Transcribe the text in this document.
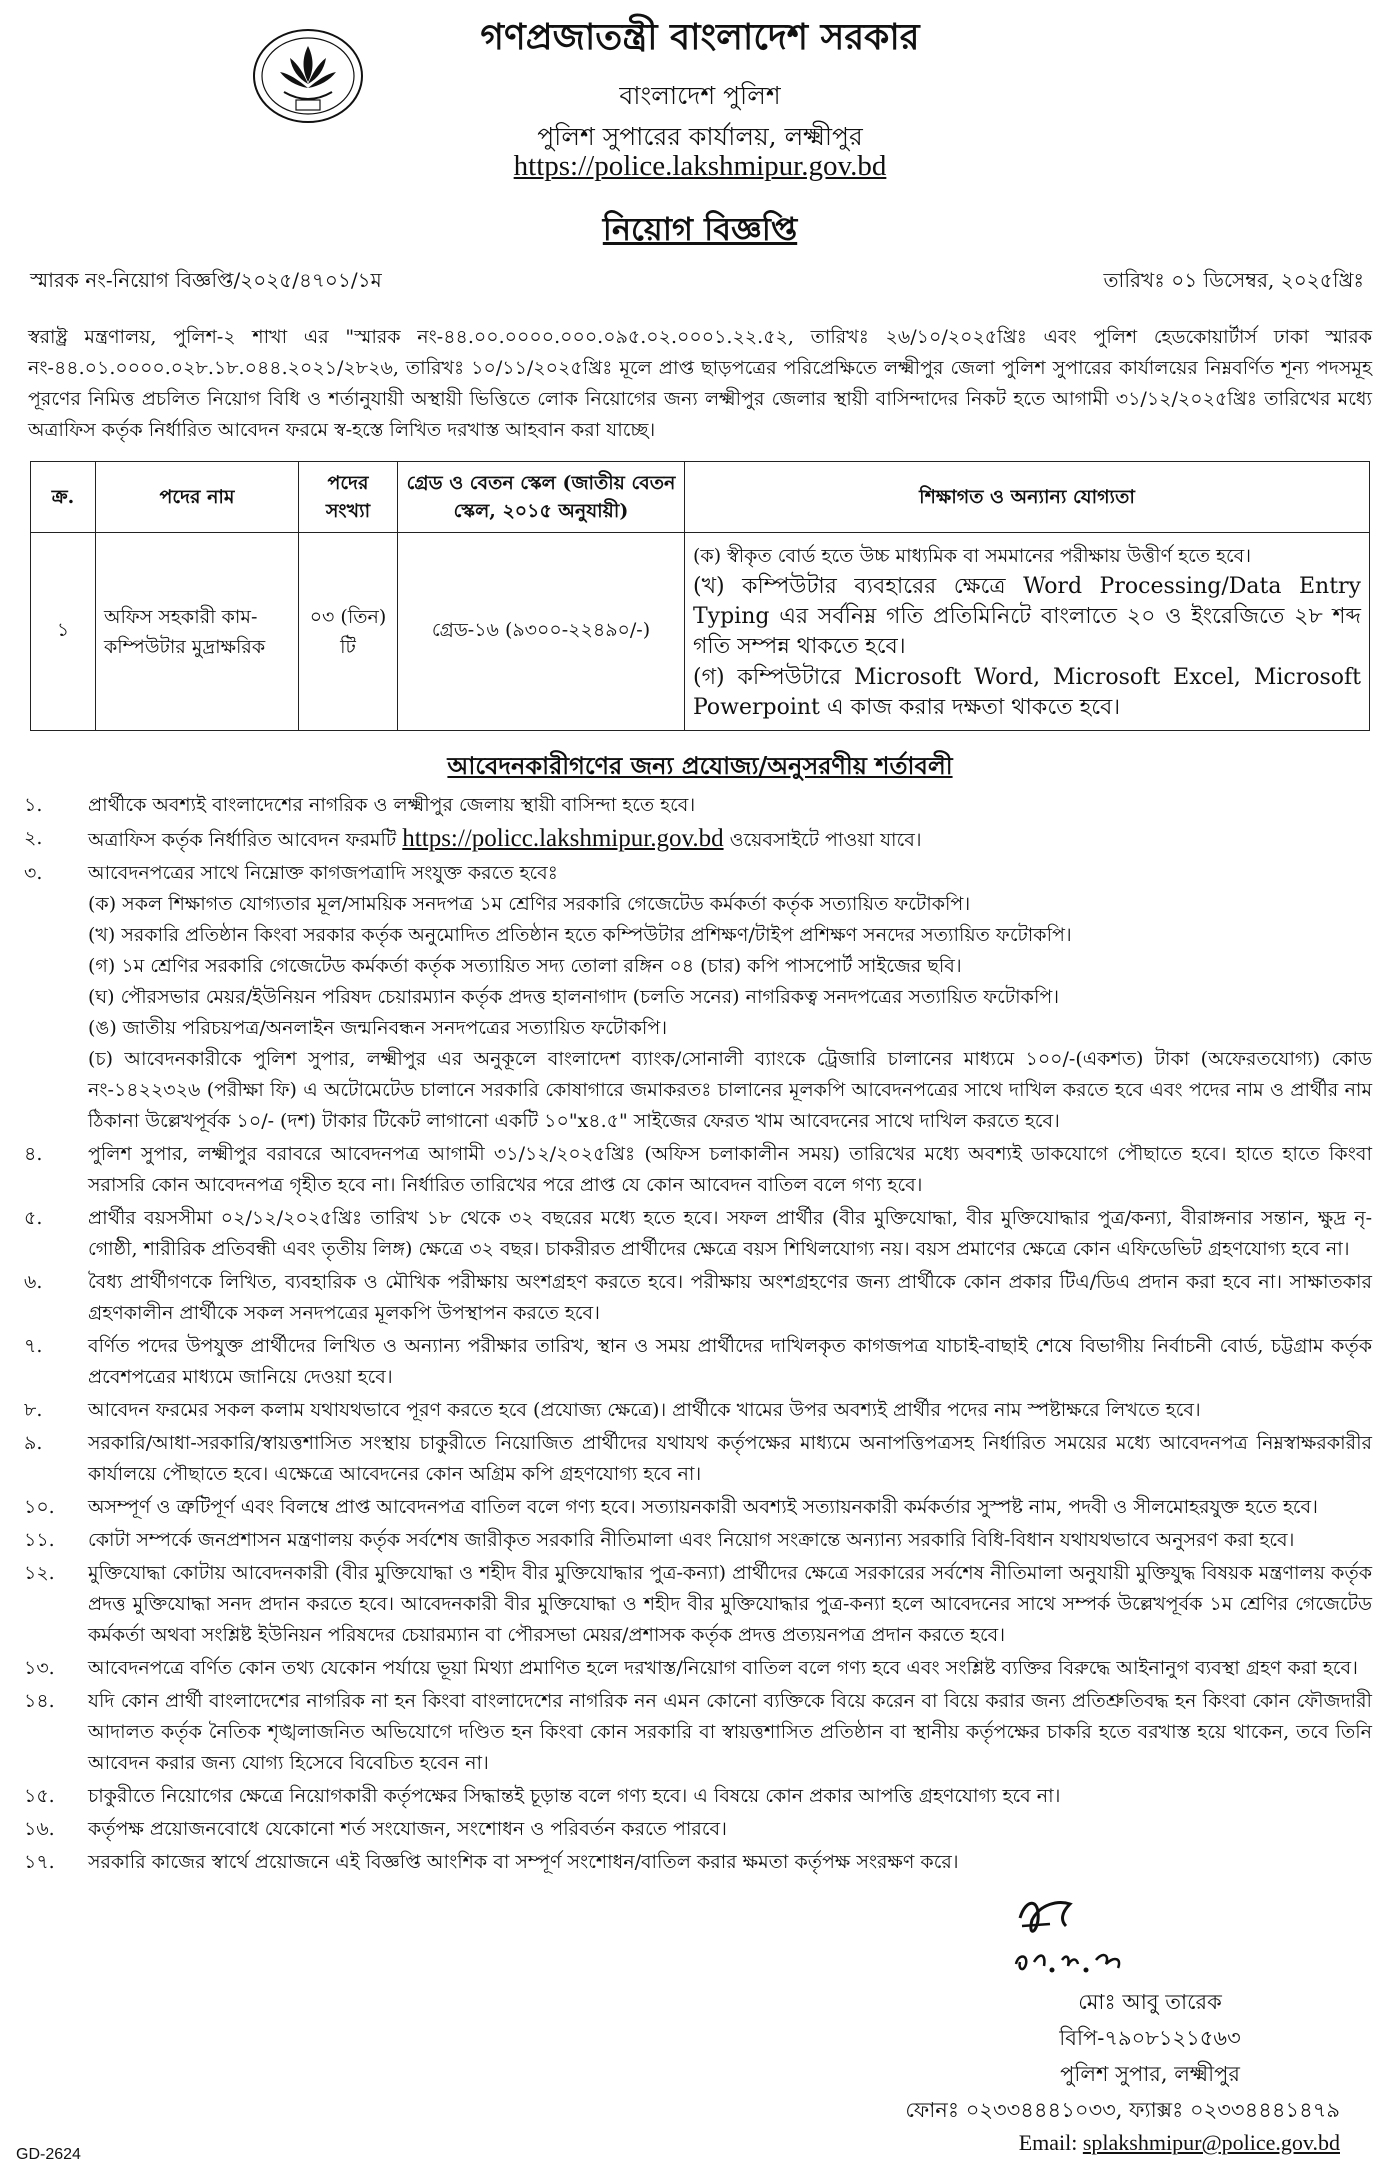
গণপ্রজাতন্ত্রী বাংলাদেশ সরকার
বাংলাদেশ পুলিশ
পুলিশ সুপারের কার্যালয়, লক্ষ্মীপুর
https://police.lakshmipur.gov.bd
নিয়োগ বিজ্ঞপ্তি
স্মারক নং-নিয়োগ বিজ্ঞপ্তি/২০২৫/৪৭০১/১ম	তারিখঃ ০১ ডিসেম্বর, ২০২৫খ্রিঃ
স্বরাষ্ট্র মন্ত্রণালয়, পুলিশ-২ শাখা এর "স্মারক নং-৪৪.০০.০০০০.০০০.০৯৫.০২.০০০১.২২.৫২, তারিখঃ ২৬/১০/২০২৫খ্রিঃ এবং পুলিশ হেডকোয়ার্টার্স ঢাকা স্মারক নং-৪৪.০১.০০০০.০২৮.১৮.০৪৪.২০২১/২৮২৬, তারিখঃ ১০/১১/২০২৫খ্রিঃ মূলে প্রাপ্ত ছাড়পত্রের পরিপ্রেক্ষিতে লক্ষ্মীপুর জেলা পুলিশ সুপারের কার্যালয়ের নিম্নবর্ণিত শূন্য পদসমূহ পূরণের নিমিত্ত প্রচলিত নিয়োগ বিধি ও শর্তানুযায়ী অস্থায়ী ভিত্তিতে লোক নিয়োগের জন্য লক্ষ্মীপুর জেলার স্থায়ী বাসিন্দাদের নিকট হতে আগামী ৩১/১২/২০২৫খ্রিঃ তারিখের মধ্যে অত্রাফিস কর্তৃক নির্ধারিত আবেদন ফরমে স্ব-হস্তে লিখিত দরখাস্ত আহবান করা যাচ্ছে।
ক্র.	পদের নাম	পদের সংখ্যা	গ্রেড ও বেতন স্কেল (জাতীয় বেতন স্কেল, ২০১৫ অনুযায়ী)	শিক্ষাগত ও অন্যান্য যোগ্যতা
১	অফিস সহকারী কাম-কম্পিউটার মুদ্রাক্ষরিক	০৩ (তিন) টি	গ্রেড-১৬ (৯৩০০-২২৪৯০/-)	(ক) স্বীকৃত বোর্ড হতে উচ্চ মাধ্যমিক বা সমমানের পরীক্ষায় উত্তীর্ণ হতে হবে।
(খ) কম্পিউটার ব্যবহারের ক্ষেত্রে Word Processing/Data Entry Typing এর সর্বনিম্ন গতি প্রতিমিনিটে বাংলাতে ২০ ও ইংরেজিতে ২৮ শব্দ গতি সম্পন্ন থাকতে হবে।
(গ) কম্পিউটারে Microsoft Word, Microsoft Excel, Microsoft Powerpoint এ কাজ করার দক্ষতা থাকতে হবে।
আবেদনকারীগণের জন্য প্রযোজ্য/অনুসরণীয় শর্তাবলী
১.	প্রার্থীকে অবশ্যই বাংলাদেশের নাগরিক ও লক্ষ্মীপুর জেলায় স্থায়ী বাসিন্দা হতে হবে।
২.	অত্রাফিস কর্তৃক নির্ধারিত আবেদন ফরমটি https://policc.lakshmipur.gov.bd ওয়েবসাইটে পাওয়া যাবে।
৩.	আবেদনপত্রের সাথে নিম্নোক্ত কাগজপত্রাদি সংযুক্ত করতে হবেঃ
(ক) সকল শিক্ষাগত যোগ্যতার মূল/সাময়িক সনদপত্র ১ম শ্রেণির সরকারি গেজেটেড কর্মকর্তা কর্তৃক সত্যায়িত ফটোকপি।
(খ) সরকারি প্রতিষ্ঠান কিংবা সরকার কর্তৃক অনুমোদিত প্রতিষ্ঠান হতে কম্পিউটার প্রশিক্ষণ/টাইপ প্রশিক্ষণ সনদের সত্যায়িত ফটোকপি।
(গ) ১ম শ্রেণির সরকারি গেজেটেড কর্মকর্তা কর্তৃক সত্যায়িত সদ্য তোলা রঙ্গিন ০৪ (চার) কপি পাসপোর্ট সাইজের ছবি।
(ঘ) পৌরসভার মেয়র/ইউনিয়ন পরিষদ চেয়ারম্যান কর্তৃক প্রদত্ত হালনাগাদ (চলতি সনের) নাগরিকত্ব সনদপত্রের সত্যায়িত ফটোকপি।
(ঙ) জাতীয় পরিচয়পত্র/অনলাইন জন্মনিবন্ধন সনদপত্রের সত্যায়িত ফটোকপি।
(চ) আবেদনকারীকে পুলিশ সুপার, লক্ষ্মীপুর এর অনুকূলে বাংলাদেশ ব্যাংক/সোনালী ব্যাংকে ট্রেজারি চালানের মাধ্যমে ১০০/-(একশত) টাকা (অফেরতযোগ্য) কোড নং-১৪২২৩২৬ (পরীক্ষা ফি) এ অটোমেটেড চালানে সরকারি কোষাগারে জমাকরতঃ চালানের মূলকপি আবেদনপত্রের সাথে দাখিল করতে হবে এবং পদের নাম ও প্রার্থীর নাম ঠিকানা উল্লেখপূর্বক ১০/- (দশ) টাকার টিকেট লাগানো একটি ১০"x৪.৫" সাইজের ফেরত খাম আবেদনের সাথে দাখিল করতে হবে।
৪.	পুলিশ সুপার, লক্ষ্মীপুর বরাবরে আবেদনপত্র আগামী ৩১/১২/২০২৫খ্রিঃ (অফিস চলাকালীন সময়) তারিখের মধ্যে অবশ্যই ডাকযোগে পৌছাতে হবে। হাতে হাতে কিংবা সরাসরি কোন আবেদনপত্র গৃহীত হবে না। নির্ধারিত তারিখের পরে প্রাপ্ত যে কোন আবেদন বাতিল বলে গণ্য হবে।
৫.	প্রার্থীর বয়সসীমা ০২/১২/২০২৫খ্রিঃ তারিখ ১৮ থেকে ৩২ বছরের মধ্যে হতে হবে। সফল প্রার্থীর (বীর মুক্তিযোদ্ধা, বীর মুক্তিযোদ্ধার পুত্র/কন্যা, বীরাঙ্গনার সন্তান, ক্ষুদ্র নৃ-গোষ্ঠী, শারীরিক প্রতিবন্ধী এবং তৃতীয় লিঙ্গ) ক্ষেত্রে ৩২ বছর। চাকরীরত প্রার্থীদের ক্ষেত্রে বয়স শিথিলযোগ্য নয়। বয়স প্রমাণের ক্ষেত্রে কোন এফিডেভিট গ্রহণযোগ্য হবে না।
৬.	বৈধ্য প্রার্থীগণকে লিখিত, ব্যবহারিক ও মৌখিক পরীক্ষায় অংশগ্রহণ করতে হবে। পরীক্ষায় অংশগ্রহণের জন্য প্রার্থীকে কোন প্রকার টিএ/ডিএ প্রদান করা হবে না। সাক্ষাতকার গ্রহণকালীন প্রার্থীকে সকল সনদপত্রের মূলকপি উপস্থাপন করতে হবে।
৭.	বর্ণিত পদের উপযুক্ত প্রার্থীদের লিখিত ও অন্যান্য পরীক্ষার তারিখ, স্থান ও সময় প্রার্থীদের দাখিলকৃত কাগজপত্র যাচাই-বাছাই শেষে বিভাগীয় নির্বাচনী বোর্ড, চট্টগ্রাম কর্তৃক প্রবেশপত্রের মাধ্যমে জানিয়ে দেওয়া হবে।
৮.	আবেদন ফরমের সকল কলাম যথাযথভাবে পূরণ করতে হবে (প্রযোজ্য ক্ষেত্রে)। প্রার্থীকে খামের উপর অবশ্যই প্রার্থীর পদের নাম স্পষ্টাক্ষরে লিখতে হবে।
৯.	সরকারি/আধা-সরকারি/স্বায়ত্তশাসিত সংস্থায় চাকুরীতে নিয়োজিত প্রার্থীদের যথাযথ কর্তৃপক্ষের মাধ্যমে অনাপত্তিপত্রসহ নির্ধারিত সময়ের মধ্যে আবেদনপত্র নিম্নস্বাক্ষরকারীর কার্যালয়ে পৌছাতে হবে। এক্ষেত্রে আবেদনের কোন অগ্রিম কপি গ্রহণযোগ্য হবে না।
১০.	অসম্পূর্ণ ও ত্রুটিপূর্ণ এবং বিলম্বে প্রাপ্ত আবেদনপত্র বাতিল বলে গণ্য হবে। সত্যায়নকারী অবশ্যই সত্যায়নকারী কর্মকর্তার সুস্পষ্ট নাম, পদবী ও সীলমোহরযুক্ত হতে হবে।
১১.	কোটা সম্পর্কে জনপ্রশাসন মন্ত্রণালয় কর্তৃক সর্বশেষ জারীকৃত সরকারি নীতিমালা এবং নিয়োগ সংক্রান্তে অন্যান্য সরকারি বিধি-বিধান যথাযথভাবে অনুসরণ করা হবে।
১২.	মুক্তিযোদ্ধা কোটায় আবেদনকারী (বীর মুক্তিযোদ্ধা ও শহীদ বীর মুক্তিযোদ্ধার পুত্র-কন্যা) প্রার্থীদের ক্ষেত্রে সরকারের সর্বশেষ নীতিমালা অনুযায়ী মুক্তিযুদ্ধ বিষয়ক মন্ত্রণালয় কর্তৃক প্রদত্ত মুক্তিযোদ্ধা সনদ প্রদান করতে হবে। আবেদনকারী বীর মুক্তিযোদ্ধা ও শহীদ বীর মুক্তিযোদ্ধার পুত্র-কন্যা হলে আবেদনের সাথে সম্পর্ক উল্লেখপূর্বক ১ম শ্রেণির গেজেটেড কর্মকর্তা অথবা সংশ্লিষ্ট ইউনিয়ন পরিষদের চেয়ারম্যান বা পৌরসভা মেয়র/প্রশাসক কর্তৃক প্রদত্ত প্রত্যয়নপত্র প্রদান করতে হবে।
১৩.	আবেদনপত্রে বর্ণিত কোন তথ্য যেকোন পর্যায়ে ভূয়া মিথ্যা প্রমাণিত হলে দরখাস্ত/নিয়োগ বাতিল বলে গণ্য হবে এবং সংশ্লিষ্ট ব্যক্তির বিরুদ্ধে আইনানুগ ব্যবস্থা গ্রহণ করা হবে।
১৪.	যদি কোন প্রার্থী বাংলাদেশের নাগরিক না হন কিংবা বাংলাদেশের নাগরিক নন এমন কোনো ব্যক্তিকে বিয়ে করেন বা বিয়ে করার জন্য প্রতিশ্রুতিবদ্ধ হন কিংবা কোন ফৌজদারী আদালত কর্তৃক নৈতিক শৃঙ্খলাজনিত অভিযোগে দণ্ডিত হন কিংবা কোন সরকারি বা স্বায়ত্তশাসিত প্রতিষ্ঠান বা স্থানীয় কর্তৃপক্ষের চাকরি হতে বরখাস্ত হয়ে থাকেন, তবে তিনি আবেদন করার জন্য যোগ্য হিসেবে বিবেচিত হবেন না।
১৫.	চাকুরীতে নিয়োগের ক্ষেত্রে নিয়োগকারী কর্তৃপক্ষের সিদ্ধান্তই চূড়ান্ত বলে গণ্য হবে। এ বিষয়ে কোন প্রকার আপত্তি গ্রহণযোগ্য হবে না।
১৬.	কর্তৃপক্ষ প্রয়োজনবোধে যেকোনো শর্ত সংযোজন, সংশোধন ও পরিবর্তন করতে পারবে।
১৭.	সরকারি কাজের স্বার্থে প্রয়োজনে এই বিজ্ঞপ্তি আংশিক বা সম্পূর্ণ সংশোধন/বাতিল করার ক্ষমতা কর্তৃপক্ষ সংরক্ষণ করে।
মোঃ আবু তারেক
বিপি-৭৯০৮১২১৫৬৩
পুলিশ সুপার, লক্ষ্মীপুর
ফোনঃ ০২৩৩৪৪৪১০৩৩, ফ্যাক্সঃ ০২৩৩৪৪৪১৪৭৯
Email: splakshmipur@police.gov.bd
GD-2624
